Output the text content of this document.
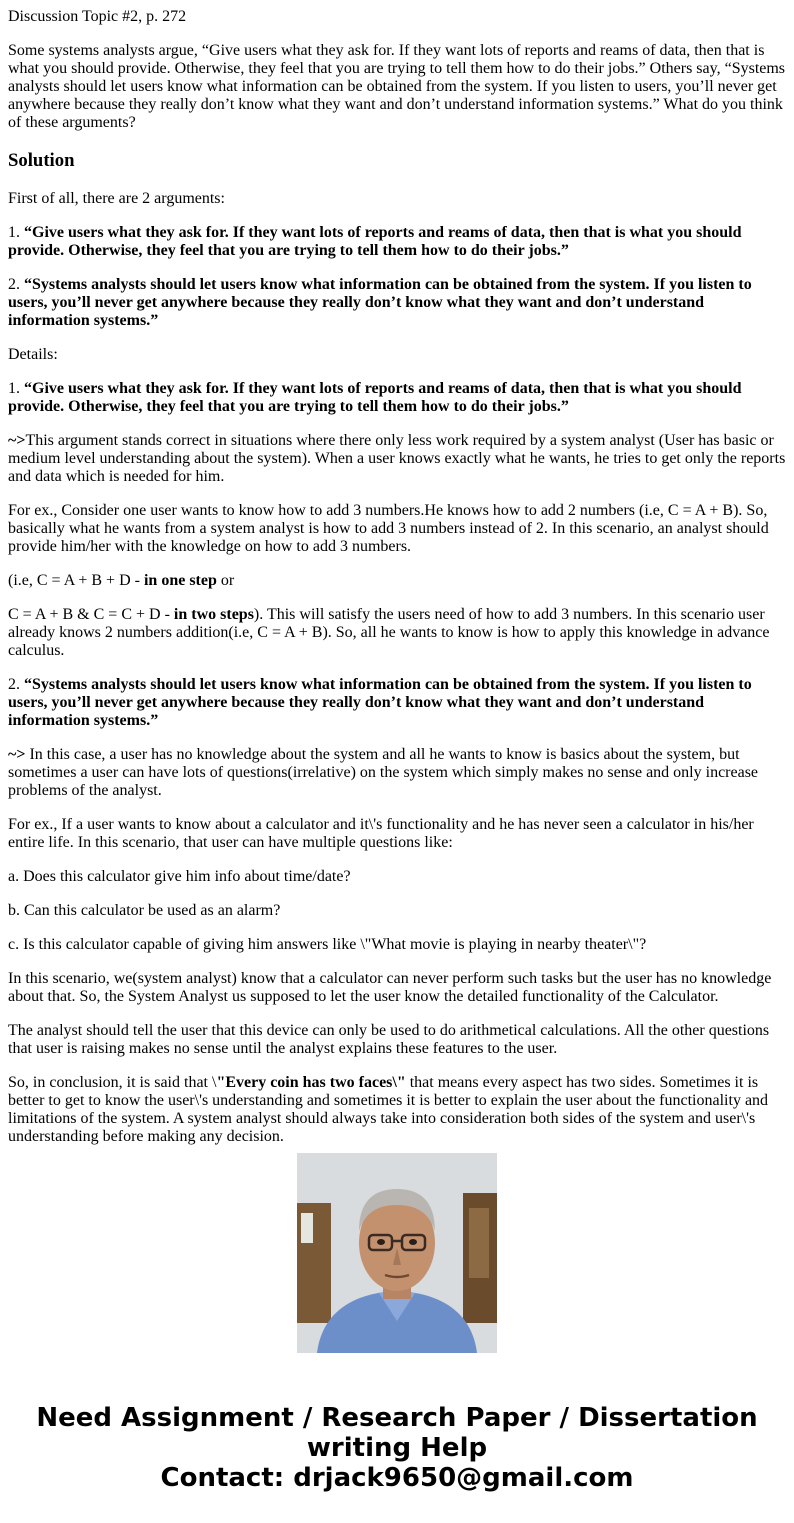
Discussion Topic #2, p. 272

Some systems analysts argue, “Give users what they ask for. If they want lots of reports and reams of data, then that is what you should provide. Otherwise, they feel that you are trying to tell them how to do their jobs.” Others say, “Systems analysts should let users know what information can be obtained from the system. If you listen to users, you’ll never get anywhere because they really don’t know what they want and don’t understand information systems.” What do you think of these arguments?

Solution

First of all, there are 2 arguments:

1. “Give users what they ask for. If they want lots of reports and reams of data, then that is what you should provide. Otherwise, they feel that you are trying to tell them how to do their jobs.”

2. “Systems analysts should let users know what information can be obtained from the system. If you listen to users, you’ll never get anywhere because they really don’t know what they want and don’t understand information systems.”

Details:

1. “Give users what they ask for. If they want lots of reports and reams of data, then that is what you should provide. Otherwise, they feel that you are trying to tell them how to do their jobs.”

~>This argument stands correct in situations where there only less work required by a system analyst (User has basic or medium level understanding about the system). When a user knows exactly what he wants, he tries to get only the reports and data which is needed for him.

For ex., Consider one user wants to know how to add 3 numbers.He knows how to add 2 numbers (i.e, C = A + B). So, basically what he wants from a system analyst is how to add 3 numbers instead of 2. In this scenario, an analyst should provide him/her with the knowledge on how to add 3 numbers.

(i.e, C = A + B + D - in one step or

C = A + B & C = C + D - in two steps). This will satisfy the users need of how to add 3 numbers. In this scenario user already knows 2 numbers addition(i.e, C = A + B). So, all he wants to know is how to apply this knowledge in advance calculus.

2. “Systems analysts should let users know what information can be obtained from the system. If you listen to users, you’ll never get anywhere because they really don’t know what they want and don’t understand information systems.”

~> In this case, a user has no knowledge about the system and all he wants to know is basics about the system, but sometimes a user can have lots of questions(irrelative) on the system which simply makes no sense and only increase problems of the analyst.

For ex., If a user wants to know about a calculator and it\'s functionality and he has never seen a calculator in his/her entire life. In this scenario, that user can have multiple questions like:

a. Does this calculator give him info about time/date?

b. Can this calculator be used as an alarm?

c. Is this calculator capable of giving him answers like \"What movie is playing in nearby theater\"?

In this scenario, we(system analyst) know that a calculator can never perform such tasks but the user has no knowledge about that. So, the System Analyst us supposed to let the user know the detailed functionality of the Calculator.

The analyst should tell the user that this device can only be used to do arithmetical calculations. All the other questions that user is raising makes no sense until the analyst explains these features to the user.

So, in conclusion, it is said that \"Every coin has two faces\" that means every aspect has two sides. Sometimes it is better to get to know the user\'s understanding and sometimes it is better to explain the user about the functionality and limitations of the system. A system analyst should always take into consideration both sides of the system and user\'s understanding before making any decision.

Need Assignment / Research Paper / Dissertation
writing Help
Contact: drjack9650@gmail.com
